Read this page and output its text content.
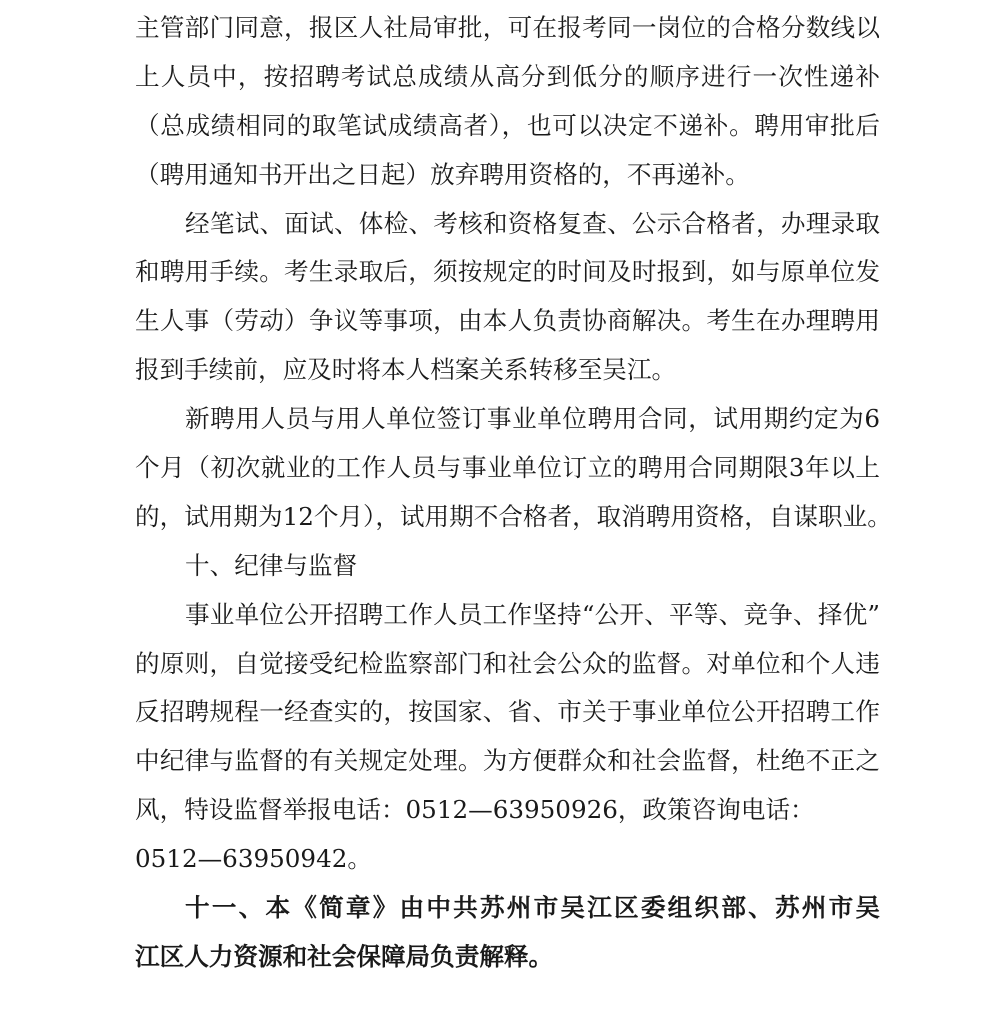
主管部门同意，报区人社局审批，可在报考同一岗位的合格分数线以
上人员中，按招聘考试总成绩从高分到低分的顺序进行一次性递补
（总成绩相同的取笔试成绩高者），也可以决定不递补。聘用审批后
（聘用通知书开出之日起）放弃聘用资格的，不再递补。
经笔试、面试、体检、考核和资格复查、公示合格者，办理录取
和聘用手续。考生录取后，须按规定的时间及时报到，如与原单位发
生人事（劳动）争议等事项，由本人负责协商解决。考生在办理聘用
报到手续前，应及时将本人档案关系转移至吴江。
新聘用人员与用人单位签订事业单位聘用合同，试用期约定为6
个月（初次就业的工作人员与事业单位订立的聘用合同期限3年以上
的，试用期为12个月），试用期不合格者，取消聘用资格，自谋职业。
十、纪律与监督
事业单位公开招聘工作人员工作坚持“公开、平等、竞争、择优”
的原则，自觉接受纪检监察部门和社会公众的监督。对单位和个人违
反招聘规程一经查实的，按国家、省、市关于事业单位公开招聘工作
中纪律与监督的有关规定处理。为方便群众和社会监督，杜绝不正之
风，特设监督举报电话：0512—63950926，政策咨询电话：
0512—63950942。
十一、本《简章》由中共苏州市吴江区委组织部、苏州市吴
江区人力资源和社会保障局负责解释。
